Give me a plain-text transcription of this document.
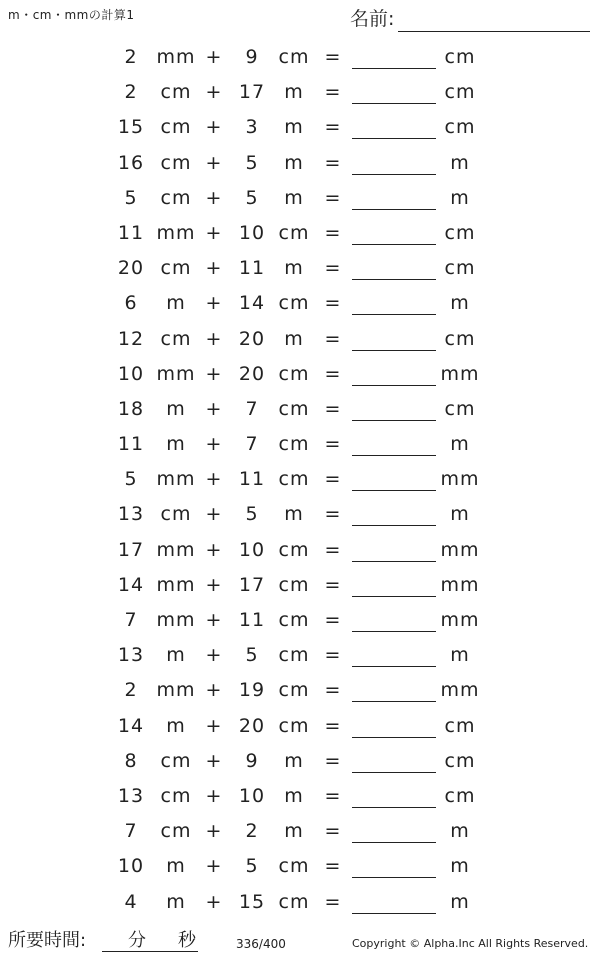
m・cm・mmの計算1	名前:
2 mm +	9	cm =	cm
2	cm + 17	m	=	cm
15 cm +	3	m	=	cm
16 cm +	5	m	=	m
5	cm +	5	m	=	m
11 mm + 10 cm =	cm
20 cm + 11	m	=	cm
6	m	+ 14 cm =	m
12 cm + 20	m	=	cm
10 mm + 20 cm =	mm
18	m	+	7	cm =	cm
11	m	+	7	cm =	m
5 mm + 11 cm =	mm
13 cm +	5	m	=	m
17 mm + 10 cm =	mm
14 mm + 17 cm =	mm
7 mm + 11 cm =	mm
13	m	+	5	cm =	m
2 mm + 19 cm =	mm
14	m	+ 20 cm =	cm
8	cm +	9	m	=	cm
13 cm + 10	m	=	cm
7	cm +	2	m	=	m
10	m	+	5	cm =	m
4	m	+ 15 cm =	m
所要時間: 分 秒	336/400	Copyright © Alpha.Inc All Rights Reserved.
